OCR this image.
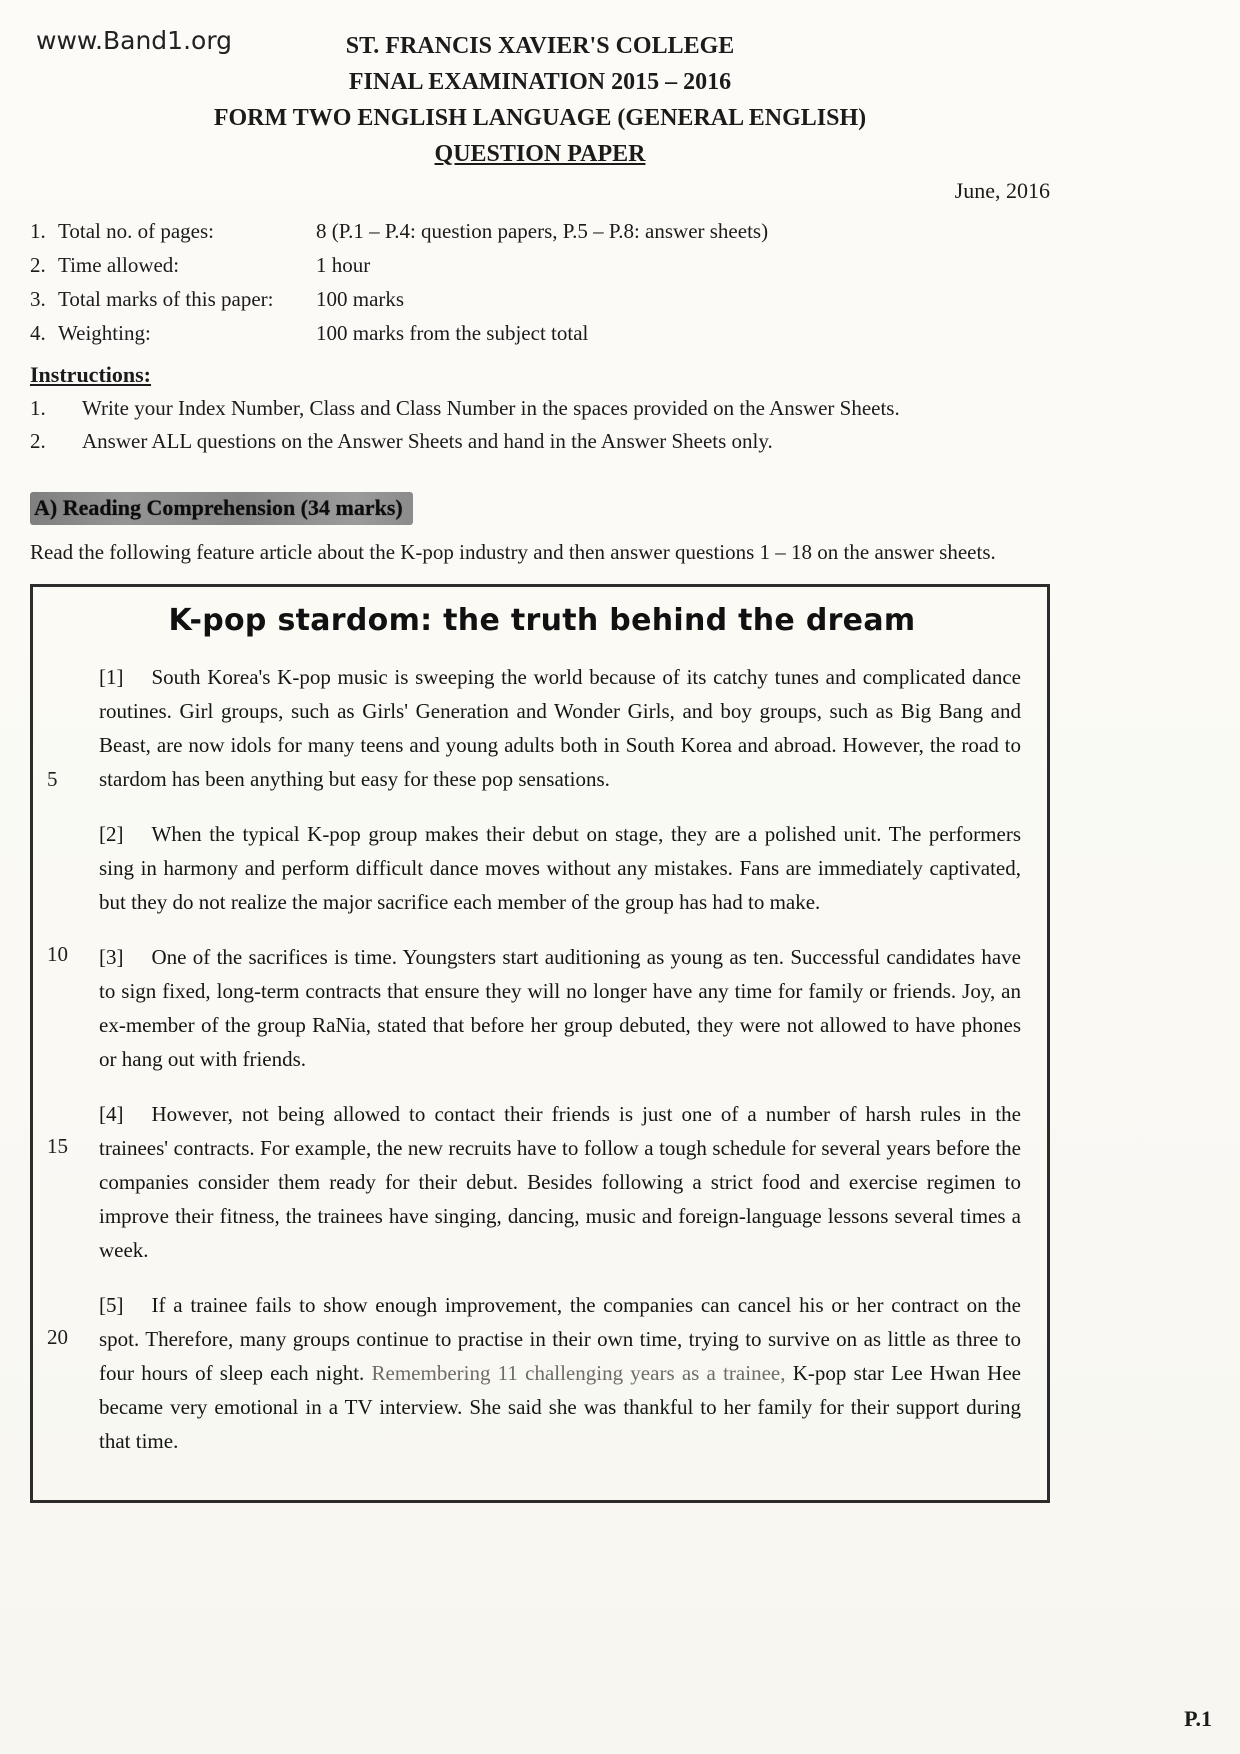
www.Band1.org	ST. FRANCIS XAVIER'S COLLEGE
FINAL EXAMINATION 2015 – 2016
FORM TWO ENGLISH LANGUAGE (GENERAL ENGLISH)
QUESTION PAPER
June, 2016
1. Total no. of pages:	8 (P.1 – P.4: question papers, P.5 – P.8: answer sheets)
2. Time allowed:	1 hour
3. Total marks of this paper:	100 marks
4. Weighting:	100 marks from the subject total
Instructions:
1.	Write your Index Number, Class and Class Number in the spaces provided on the Answer Sheets.
2.	Answer ALL questions on the Answer Sheets and hand in the Answer Sheets only.
A) Reading Comprehension (34 marks)
Read the following feature article about the K-pop industry and then answer questions 1 – 18 on the answer sheets.
K-pop stardom: the truth behind the dream
5

[1] South Korea's K-pop music is sweeping the world because of its catchy tunes and complicated dance routines. Girl groups, such as Girls' Generation and Wonder Girls, and boy groups, such as Big Bang and Beast, are now idols for many teens and young adults both in South Korea and abroad. However, the road to stardom has been anything but easy for these pop sensations.

[2] When the typical K-pop group makes their debut on stage, they are a polished unit. The performers sing in harmony and perform difficult dance moves without any mistakes. Fans are immediately captivated, but they do not realize the major sacrifice each member of the group has had to make.

10	[3] One of the sacrifices is time. Youngsters start auditioning as young as ten. Successful candidates have to sign fixed, long-term contracts that ensure they will no longer have any time for family or friends. Joy, an ex-member of the group RaNia, stated that before her group debuted, they were not allowed to have phones or hang out with friends.

15

[4] However, not being allowed to contact their friends is just one of a number of harsh rules in the trainees' contracts. For example, the new recruits have to follow a tough schedule for several years before the companies consider them ready for their debut. Besides following a strict food and exercise regimen to improve their fitness, the trainees have singing, dancing, music and foreign-language lessons several times a week.

20

[5] If a trainee fails to show enough improvement, the companies can cancel his or her contract on the spot. Therefore, many groups continue to practise in their own time, trying to survive on as little as three to four hours of sleep each night. Remembering 11 challenging years as a trainee, K-pop star Lee Hwan Hee became very emotional in a TV interview. She said she was thankful to her family for their support during that time.

P.1
